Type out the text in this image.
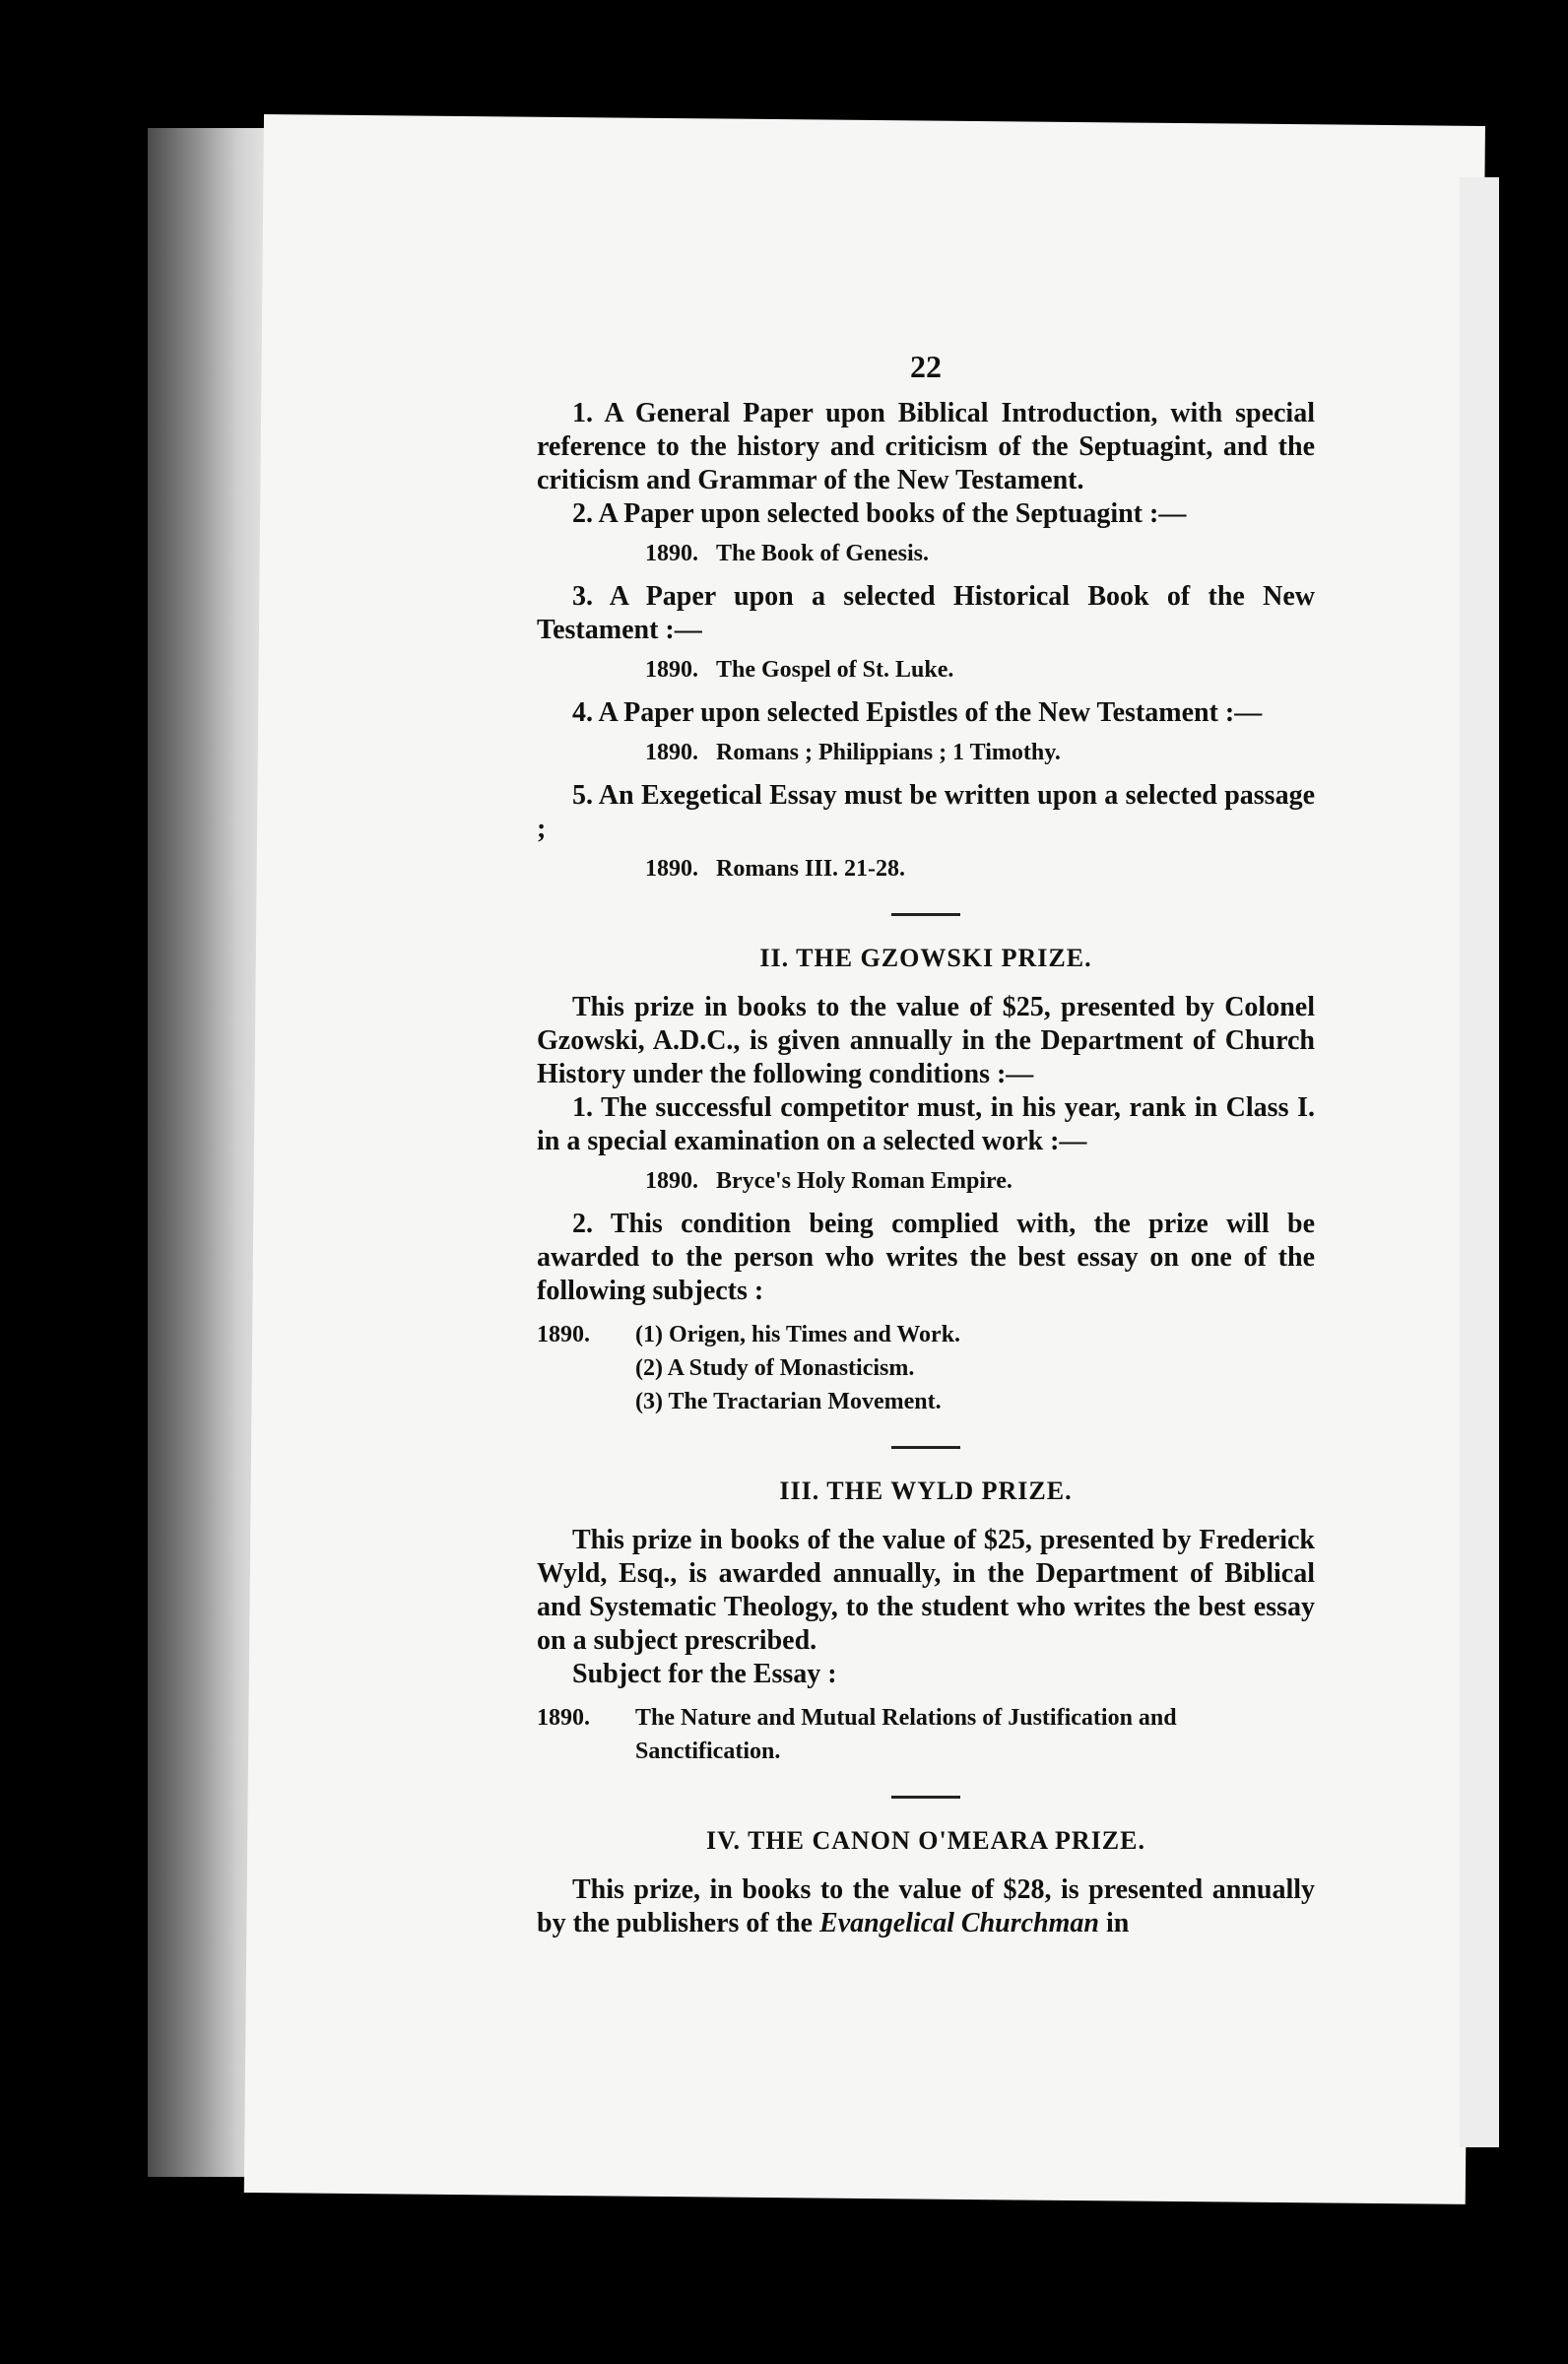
22

1. A General Paper upon Biblical Introduction, with special reference to the history and criticism of the Septuagint, and the criticism and Grammar of the New Testament.

2. A Paper upon selected books of the Septuagint :—

1890. The Book of Genesis.

3. A Paper upon a selected Historical Book of the New Testament :—

1890. The Gospel of St. Luke.

4. A Paper upon selected Epistles of the New Testament :—

1890. Romans ; Philippians ; 1 Timothy.

5. An Exegetical Essay must be written upon a selected passage ;

1890. Romans III. 21-28.
II. THE GZOWSKI PRIZE.

This prize in books to the value of $25, presented by Colonel Gzowski, A.D.C., is given annually in the Department of Church History under the following conditions :—

1. The successful competitor must, in his year, rank in Class I. in a special examination on a selected work :—

1890. Bryce's Holy Roman Empire.

2. This condition being complied with, the prize will be awarded to the person who writes the best essay on one of the following subjects :

1890.	(1) Origen, his Times and Work.
(2) A Study of Monasticism.
(3) The Tractarian Movement.
III. THE WYLD PRIZE.

This prize in books of the value of $25, presented by Frederick Wyld, Esq., is awarded annually, in the Department of Biblical and Systematic Theology, to the student who writes the best essay on a subject prescribed.

Subject for the Essay :

1890.	The Nature and Mutual Relations of Justification and Sanctification.
IV. THE CANON O'MEARA PRIZE.

This prize, in books to the value of $28, is presented annually by the publishers of the Evangelical Churchman in
